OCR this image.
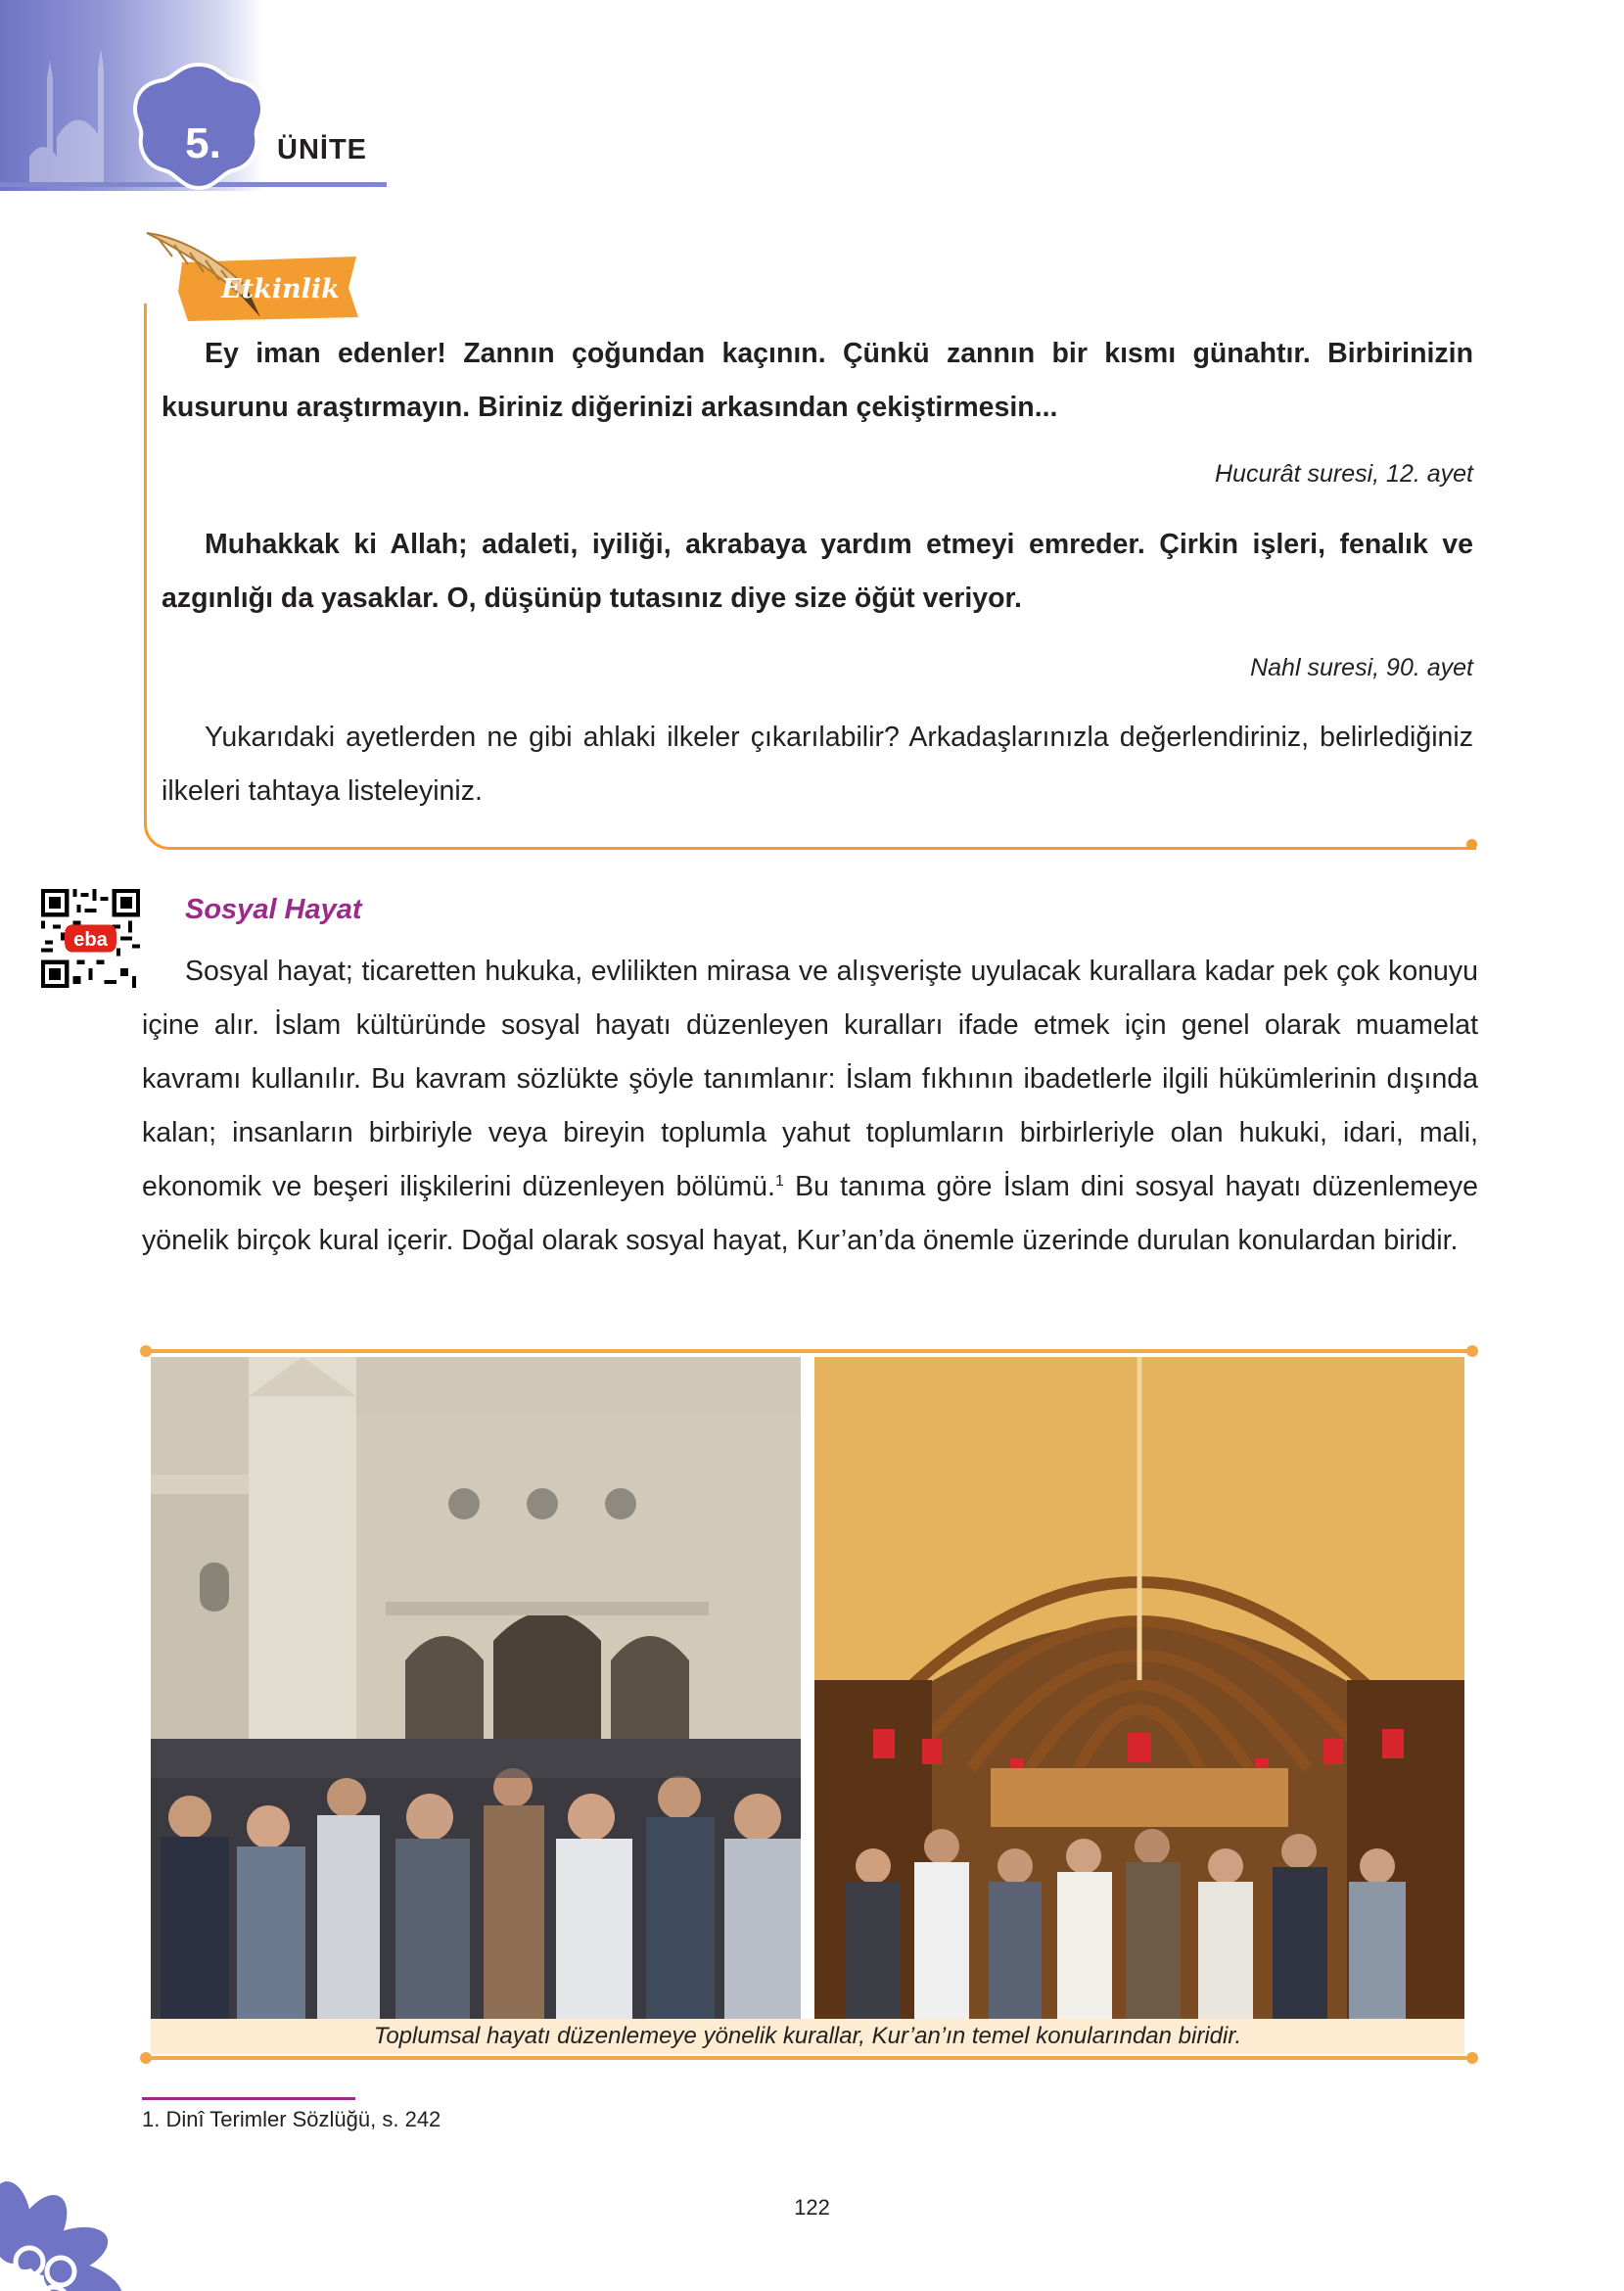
5.	ÜNİTE
Etkinlik

Ey iman edenler! Zannın çoğundan kaçının. Çünkü zannın bir kısmı günahtır. Birbirinizin kusurunu araştırmayın. Biriniz diğerinizi arkasından çekiştirmesin...

Hucurât suresi, 12. ayet

Muhakkak ki Allah; adaleti, iyiliği, akrabaya yardım etmeyi emreder. Çirkin işleri, fenalık ve azgınlığı da yasaklar. O, düşünüp tutasınız diye size öğüt veriyor.

Nahl suresi, 90. ayet

Yukarıdaki ayetlerden ne gibi ahlaki ilkeler çıkarılabilir? Arkadaşlarınızla değerlendiriniz, belirlediğiniz ilkeleri tahtaya listeleyiniz.

eba
Sosyal Hayat

Sosyal hayat; ticaretten hukuka, evlilikten mirasa ve alışverişte uyulacak kurallara kadar pek çok konuyu içine alır. İslam kültüründe sosyal hayatı düzenleyen kuralları ifade etmek için genel olarak muamelat kavramı kullanılır. Bu kavram sözlükte şöyle tanımlanır: İslam fıkhının ibadetlerle ilgili hükümlerinin dışında kalan; insanların birbiriyle veya bireyin toplumla yahut toplumların birbirleriyle olan hukuki, idari, mali, ekonomik ve beşeri ilişkilerini düzenleyen bölümü.$^1$ Bu tanıma göre İslam dini sosyal hayatı düzenlemeye yönelik birçok kural içerir. Doğal olarak sosyal hayat, Kur’an’da önemle üzerinde durulan konulardan biridir.

Toplumsal hayatı düzenlemeye yönelik kurallar, Kur’an’ın temel konularından biridir.
1. Dinî Terimler Sözlüğü, s. 242
122
